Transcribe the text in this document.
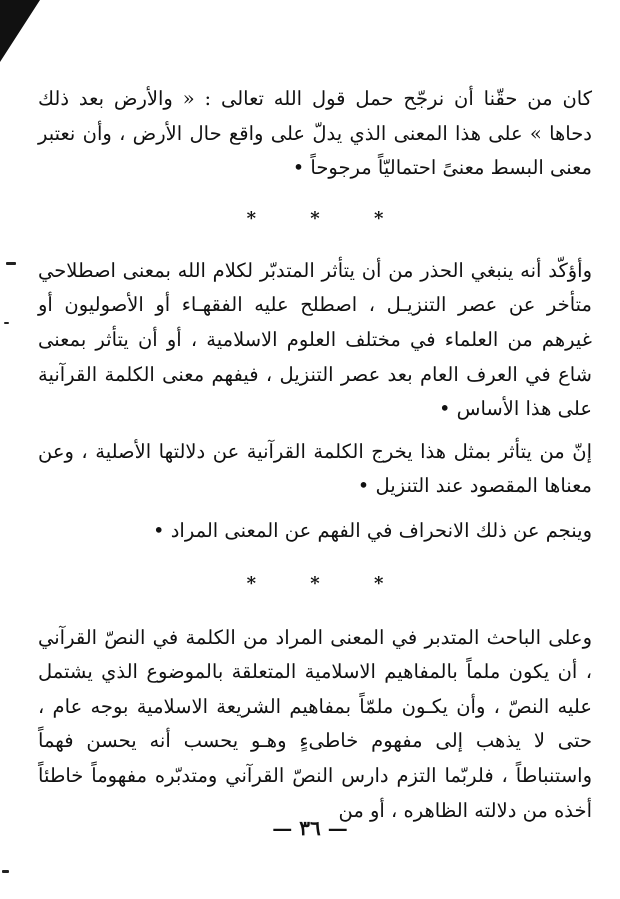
كان من حقّنا أن نرجّح حمل قول الله تعالى : « والأرض بعد ذلك دحاها » على هذا المعنى الذي يدلّ على واقع حال الأرض ، وأن نعتبر معنى البسط معنىً احتماليّاً مرجوحاً •

* * *

وأؤكّد أنه ينبغي الحذر من أن يتأثر المتدبّر لكلام الله بمعنى اصطلاحي متأخر عن عصر التنزيـل ، اصطلح عليه الفقهـاء أو الأصوليون أو غيرهم من العلماء في مختلف العلوم الاسلامية ، أو أن يتأثر بمعنى شاع في العرف العام بعد عصر التنزيل ، فيفهم معنى الكلمة القرآنية على هذا الأساس •

إنّ من يتأثر بمثل هذا يخرج الكلمة القرآنية عن دلالتها الأصلية ، وعن معناها المقصود عند التنزيل •

وينجم عن ذلك الانحراف في الفهم عن المعنى المراد •

* * *

وعلى الباحث المتدبر في المعنى المراد من الكلمة في النصّ القرآني ، أن يكون ملماً بالمفاهيم الاسلامية المتعلقة بالموضوع الذي يشتمل عليه النصّ ، وأن يكـون ملمّاً بمفاهيم الشريعة الاسلامية بوجه عام ، حتى لا يذهب إلى مفهوم خاطىءٍ وهـو يحسب أنه يحسن فهماً واستنباطاً ، فلربّما التزم دارس النصّ القرآني ومتدبّره مفهوماً خاطئاً أخذه من دلالته الظاهره ، أو من

— ٣٦ —
